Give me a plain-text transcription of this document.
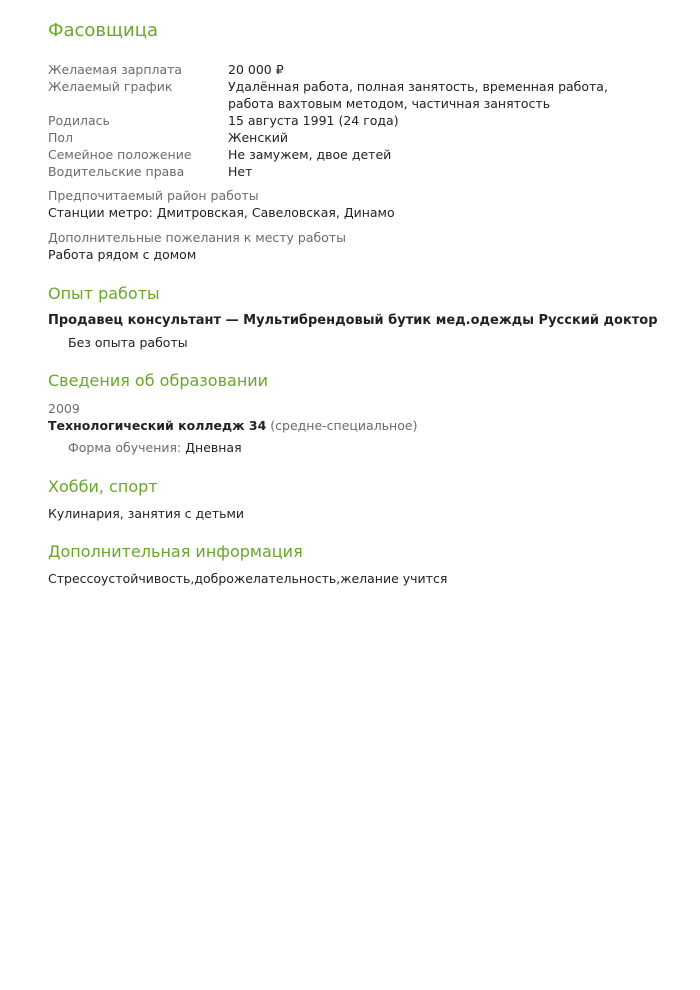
Фасовщица
Желаемая зарплата	20 000 ₽
Желаемый график	Удалённая работа, полная занятость, временная работа, работа вахтовым методом, частичная занятость
Родилась	15 августа 1991 (24 года)
Пол	Женский
Семейное положение	Не замужем, двое детей
Водительские права	Нет
Предпочитаемый район работы
Станции метро: Дмитровская, Савеловская, Динамо
Дополнительные пожелания к месту работы
Работа рядом с домом
Опыт работы
Продавец консультант — Мультибрендовый бутик мед.одежды Русский доктор
Без опыта работы
Сведения об образовании
2009
Технологический колледж 34 (средне-специальное)
Форма обучения: Дневная
Хобби, спорт
Кулинария, занятия с детьми
Дополнительная информация
Стрессоустойчивость,доброжелательность,желание учится
